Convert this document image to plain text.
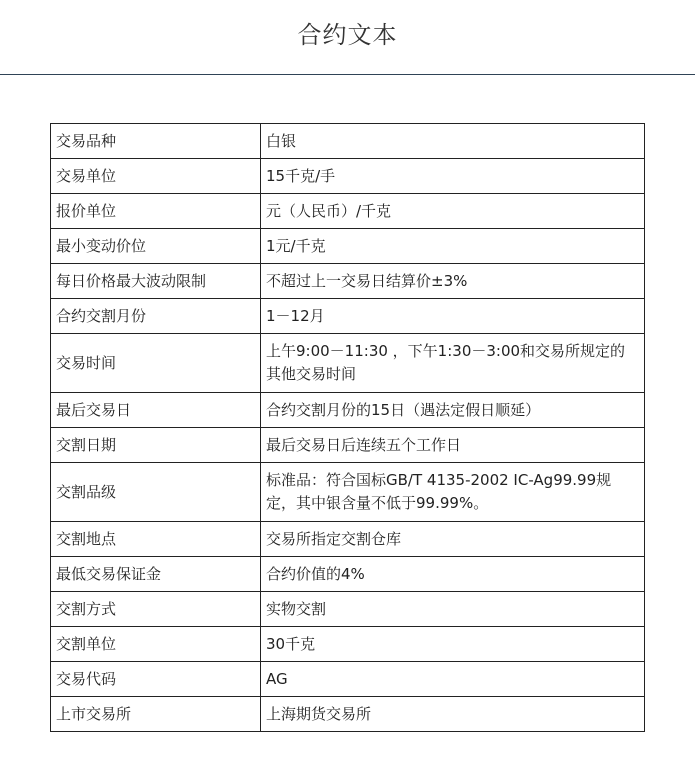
合约文本
交易品种	白银
交易单位	15千克/手
报价单位	元（人民币）/千克
最小变动价位	1元/千克
每日价格最大波动限制	不超过上一交易日结算价±3%
合约交割月份	1－12月
交易时间	上午9:00－11:30 ，下午1:30－3:00和交易所规定的其他交易时间
最后交易日	合约交割月份的15日（遇法定假日顺延）
交割日期	最后交易日后连续五个工作日
交割品级	标准品：符合国标GB/T 4135-2002 IC-Ag99.99规定，其中银含量不低于99.99%。
交割地点	交易所指定交割仓库
最低交易保证金	合约价值的4%
交割方式	实物交割
交割单位	30千克
交易代码	AG
上市交易所	上海期货交易所
